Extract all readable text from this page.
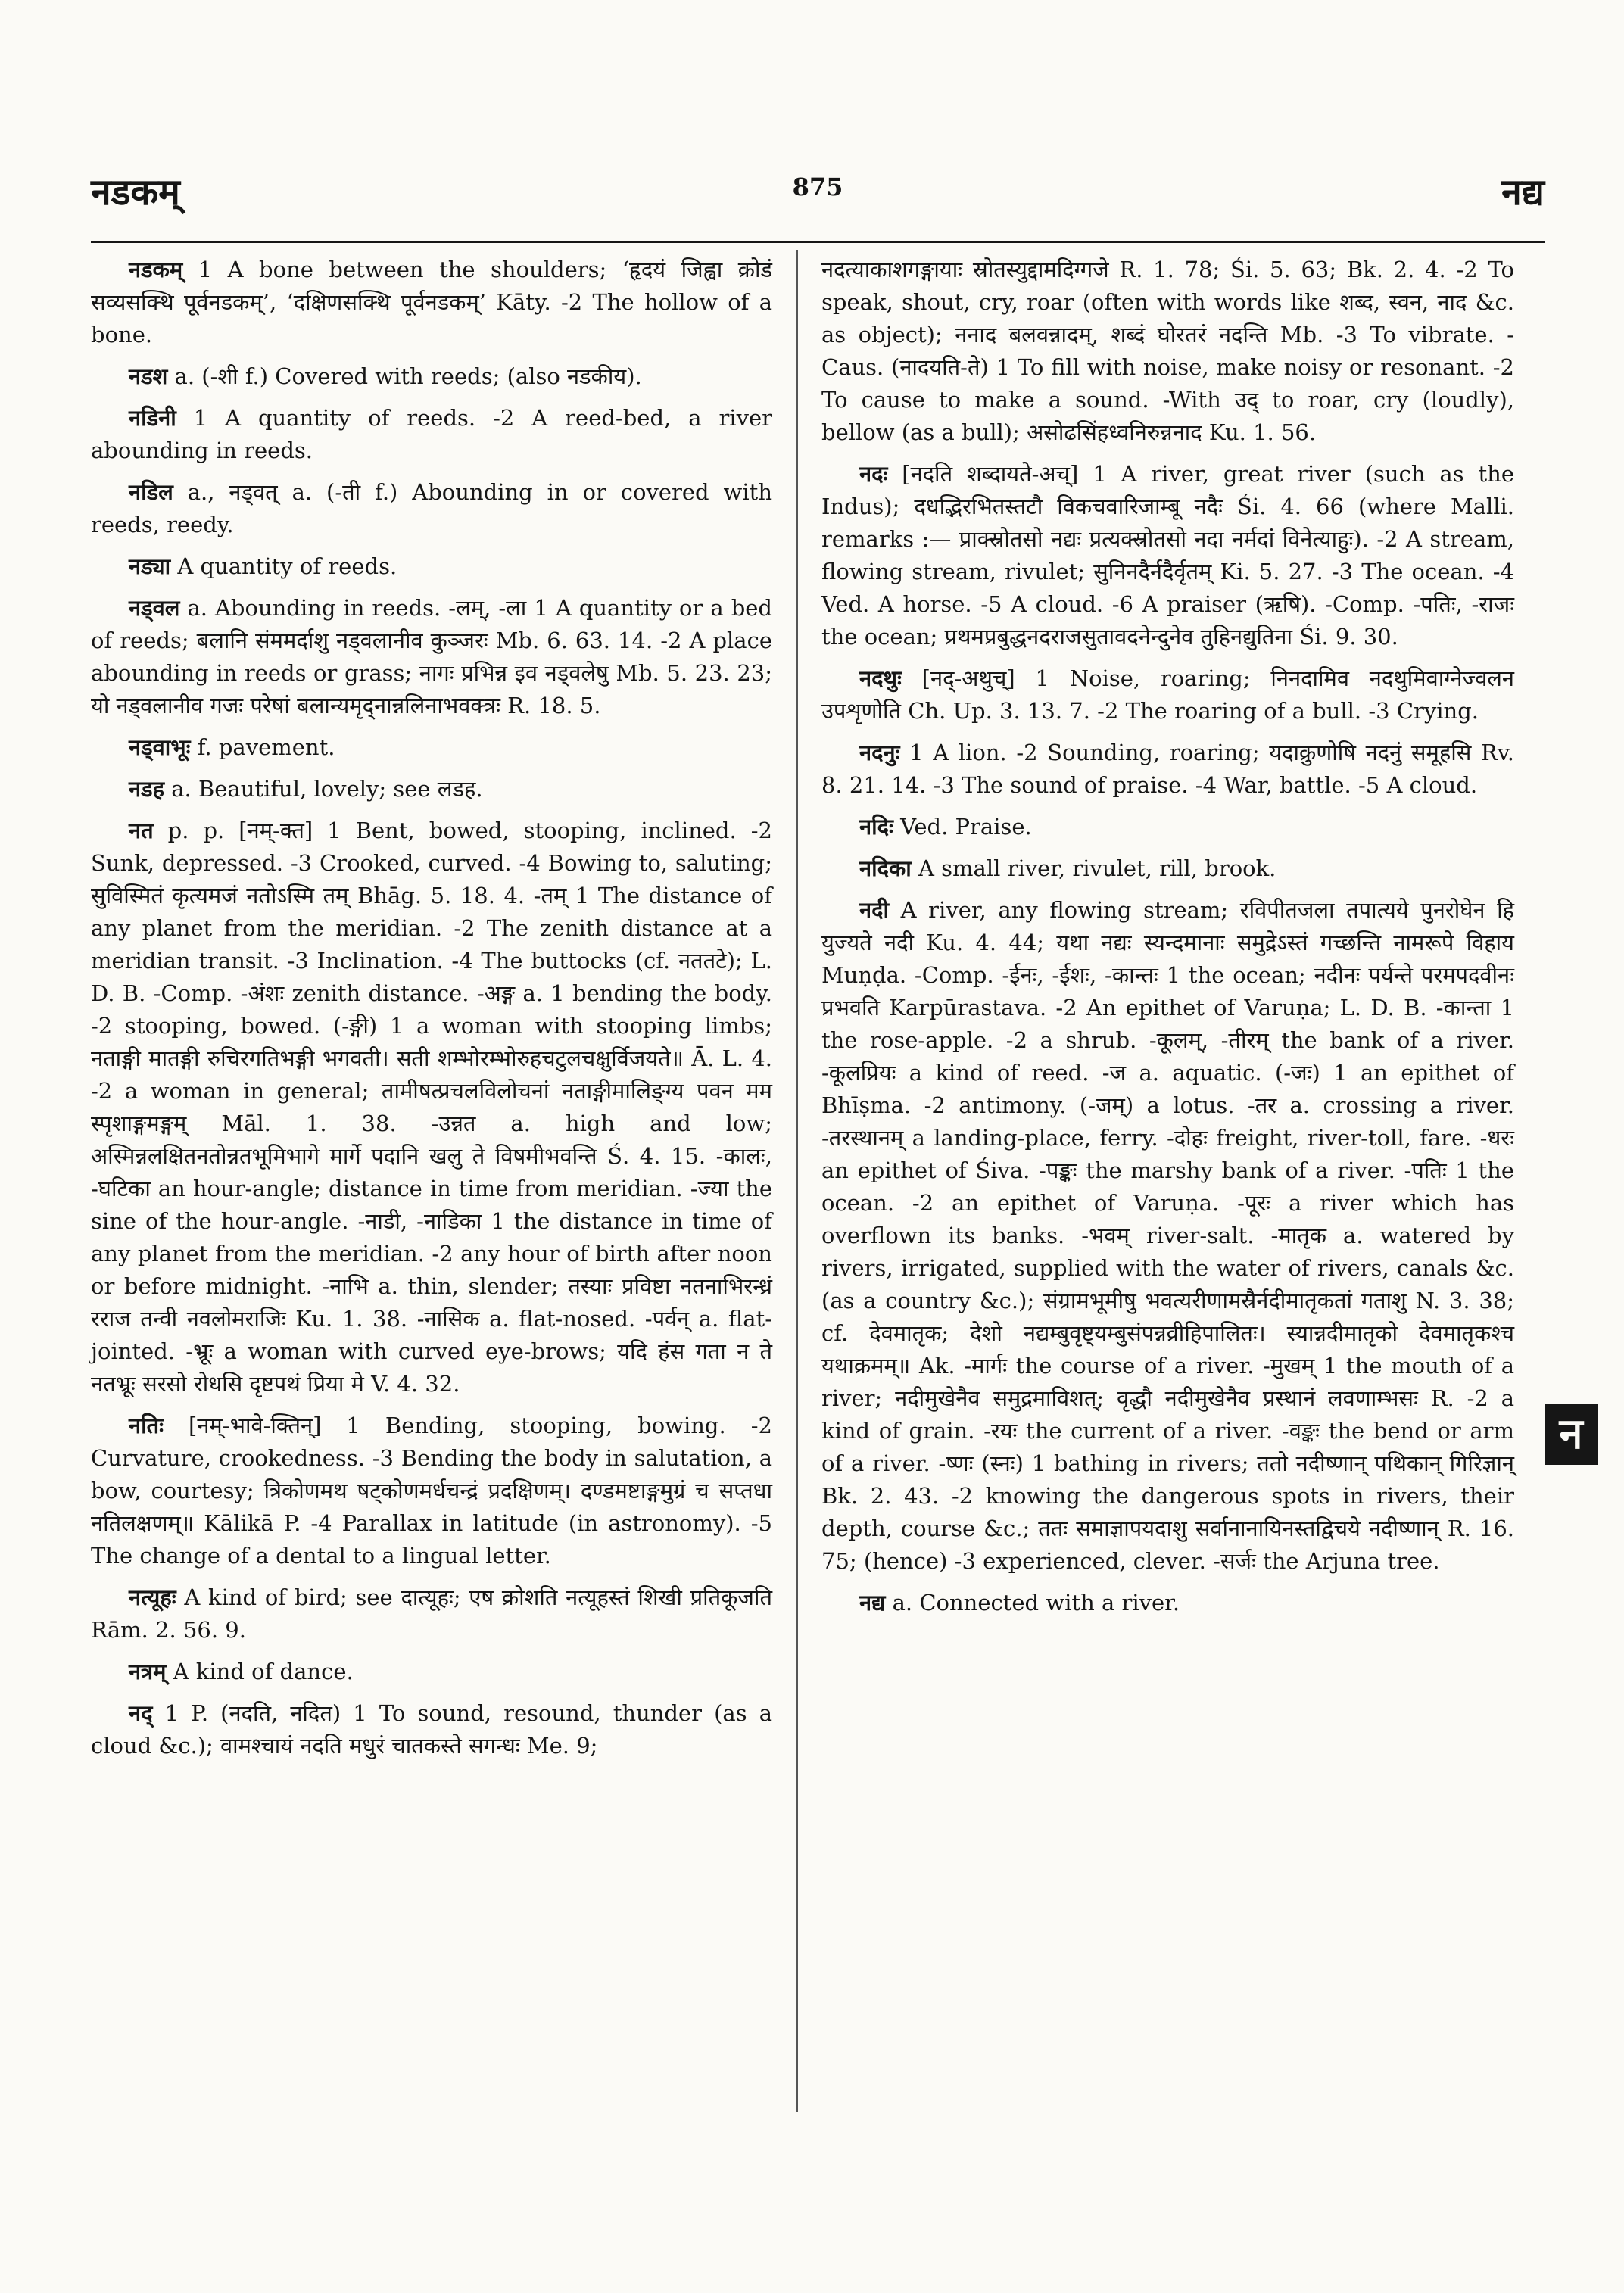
नडकम्	875	नद्य

नडकम् 1 A bone between the shoulders; ‘हृदयं जिह्वा क्रोडं सव्यसक्थि पूर्वनडकम्’, ‘दक्षिणसक्थि पूर्वनडकम्’ Kāty. -2 The hollow of a bone.

नडश a. (-शी f.) Covered with reeds; (also नडकीय).

नडिनी 1 A quantity of reeds. -2 A reed-bed, a river abounding in reeds.

नडिल a., नड्वत् a. (-ती f.) Abounding in or covered with reeds, reedy.

नड्या A quantity of reeds.

नड्वल a. Abounding in reeds. -लम्, -ला 1 A quantity or a bed of reeds; बलानि संममर्दाशु नड्वलानीव कुञ्जरः Mb. 6. 63. 14. -2 A place abounding in reeds or grass; नागः प्रभिन्न इव नड्वलेषु Mb. 5. 23. 23; यो नड्वलानीव गजः परेषां बलान्यमृद्नान्नलिनाभवक्त्रः R. 18. 5.

नड्वाभूः f. pavement.

नडह a. Beautiful, lovely; see लडह.

नत p. p. [नम्-क्त] 1 Bent, bowed, stooping, inclined. -2 Sunk, depressed. -3 Crooked, curved. -4 Bowing to, saluting; सुविस्मितं कृत्यमजं नतोऽस्मि तम् Bhāg. 5. 18. 4. -तम् 1 The distance of any planet from the meridian. -2 The zenith distance at a meridian transit. -3 Inclination. -4 The buttocks (cf. नततटे); L. D. B. -Comp. -अंशः zenith distance. -अङ्ग a. 1 bending the body. -2 stooping, bowed. (-ङ्गी) 1 a woman with stooping limbs; नताङ्गी मातङ्गी रुचिरगतिभङ्गी भगवती। सती शम्भोरम्भोरुहचटुलचक्षुर्विजयते॥ Ā. L. 4. -2 a woman in general; तामीषत्प्रचलविलोचनां नताङ्गीमालिङ्ग्य पवन मम स्पृशाङ्गमङ्गम् Māl. 1. 38. -उन्नत a. high and low; अस्मिन्नलक्षितनतोन्नतभूमिभागे मार्गे पदानि खलु ते विषमीभवन्ति Ś. 4. 15. -कालः, -घटिका an hour-angle; distance in time from meridian. -ज्या the sine of the hour-angle. -नाडी, -नाडिका 1 the distance in time of any planet from the meridian. -2 any hour of birth after noon or before midnight. -नाभि a. thin, slender; तस्याः प्रविष्टा नतनाभिरन्ध्रं रराज तन्वी नवलोमराजिः Ku. 1. 38. -नासिक a. flat-nosed. -पर्वन् a. flat-jointed. -भ्रूः a woman with curved eye-brows; यदि हंस गता न ते नतभ्रूः सरसो रोधसि दृष्टपथं प्रिया मे V. 4. 32.

नतिः [नम्-भावे-क्तिन्] 1 Bending, stooping, bowing. -2 Curvature, crookedness. -3 Bending the body in salutation, a bow, courtesy; त्रिकोणमथ षट्कोणमर्धचन्द्रं प्रदक्षिणम्। दण्डमष्टाङ्गमुग्रं च सप्तधा नतिलक्षणम्॥ Kālikā P. -4 Parallax in latitude (in astronomy). -5 The change of a dental to a lingual letter.

नत्यूहः A kind of bird; see दात्यूहः; एष क्रोशति नत्यूहस्तं शिखी प्रतिकूजति Rām. 2. 56. 9.

नत्रम् A kind of dance.

नद् 1 P. (नदति, नदित) 1 To sound, resound, thunder (as a cloud &c.); वामश्चायं नदति मधुरं चातकस्ते सगन्धः Me. 9;

नदत्याकाशगङ्गायाः स्रोतस्युद्दामदिग्गजे R. 1. 78; Śi. 5. 63; Bk. 2. 4. -2 To speak, shout, cry, roar (often with words like शब्द, स्वन, नाद &c. as object); ननाद बलवन्नादम्, शब्दं घोरतरं नदन्ति Mb. -3 To vibrate. -Caus. (नादयति-ते) 1 To fill with noise, make noisy or resonant. -2 To cause to make a sound. -With उद् to roar, cry (loudly), bellow (as a bull); असोढसिंहध्वनिरुन्ननाद Ku. 1. 56.

नदः [नदति शब्दायते-अच्] 1 A river, great river (such as the Indus); दधद्भिरभितस्तटौ विकचवारिजाम्बू नदैः Śi. 4. 66 (where Malli. remarks :— प्राक्स्रोतसो नद्यः प्रत्यक्स्रोतसो नदा नर्मदां विनेत्याहुः). -2 A stream, flowing stream, rivulet; सुनिनदैर्नदैर्वृतम् Ki. 5. 27. -3 The ocean. -4 Ved. A horse. -5 A cloud. -6 A praiser (ऋषि). -Comp. -पतिः, -राजः the ocean; प्रथमप्रबुद्धनदराजसुतावदनेन्दुनेव तुहिनद्युतिना Śi. 9. 30.

नदथुः [नद्-अथुच्] 1 Noise, roaring; निनदामिव नदथुमिवाग्नेज्वलन उपशृणोति Ch. Up. 3. 13. 7. -2 The roaring of a bull. -3 Crying.

नदनुः 1 A lion. -2 Sounding, roaring; यदाक्रुणोषि नदनुं समूहसि Rv. 8. 21. 14. -3 The sound of praise. -4 War, battle. -5 A cloud.

नदिः Ved. Praise.

नदिका A small river, rivulet, rill, brook.

नदी A river, any flowing stream; रविपीतजला तपात्यये पुनरोघेन हि युज्यते नदी Ku. 4. 44; यथा नद्यः स्यन्दमानाः समुद्रेऽस्तं गच्छन्ति नामरूपे विहाय Muṇḍa. -Comp. -ईनः, -ईशः, -कान्तः 1 the ocean; नदीनः पर्यन्ते परमपदवीनः प्रभवति Karpūrastava. -2 An epithet of Varuṇa; L. D. B. -कान्ता 1 the rose-apple. -2 a shrub. -कूलम्, -तीरम् the bank of a river. -कूलप्रियः a kind of reed. -ज a. aquatic. (-जः) 1 an epithet of Bhīṣma. -2 antimony. (-जम्) a lotus. -तर a. crossing a river. -तरस्थानम् a landing-place, ferry. -दोहः freight, river-toll, fare. -धरः an epithet of Śiva. -पङ्कः the marshy bank of a river. -पतिः 1 the ocean. -2 an epithet of Varuṇa. -पूरः a river which has overflown its banks. -भवम् river-salt. -मातृक a. watered by rivers, irrigated, supplied with the water of rivers, canals &c. (as a country &c.); संग्रामभूमीषु भवत्यरीणामस्रैर्नदीमातृकतां गताशु N. 3. 38; cf. देवमातृक; देशो नद्यम्बुवृष्ट्यम्बुसंपन्नव्रीहिपालितः। स्यान्नदीमातृको देवमातृकश्च यथाक्रमम्॥ Ak. -मार्गः the course of a river. -मुखम् 1 the mouth of a river; नदीमुखेनैव समुद्रमाविशत्; वृद्धौ नदीमुखेनैव प्रस्थानं लवणाम्भसः R. -2 a kind of grain. -रयः the current of a river. -वङ्कः the bend or arm of a river. -ष्णः (स्नः) 1 bathing in rivers; ततो नदीष्णान् पथिकान् गिरिज्ञान् Bk. 2. 43. -2 knowing the dangerous spots in rivers, their depth, course &c.; ततः समाज्ञापयदाशु सर्वानानायिनस्तद्विचये नदीष्णान् R. 16. 75; (hence) -3 experienced, clever. -सर्जः the Arjuna tree.

नद्य a. Connected with a river.

न
